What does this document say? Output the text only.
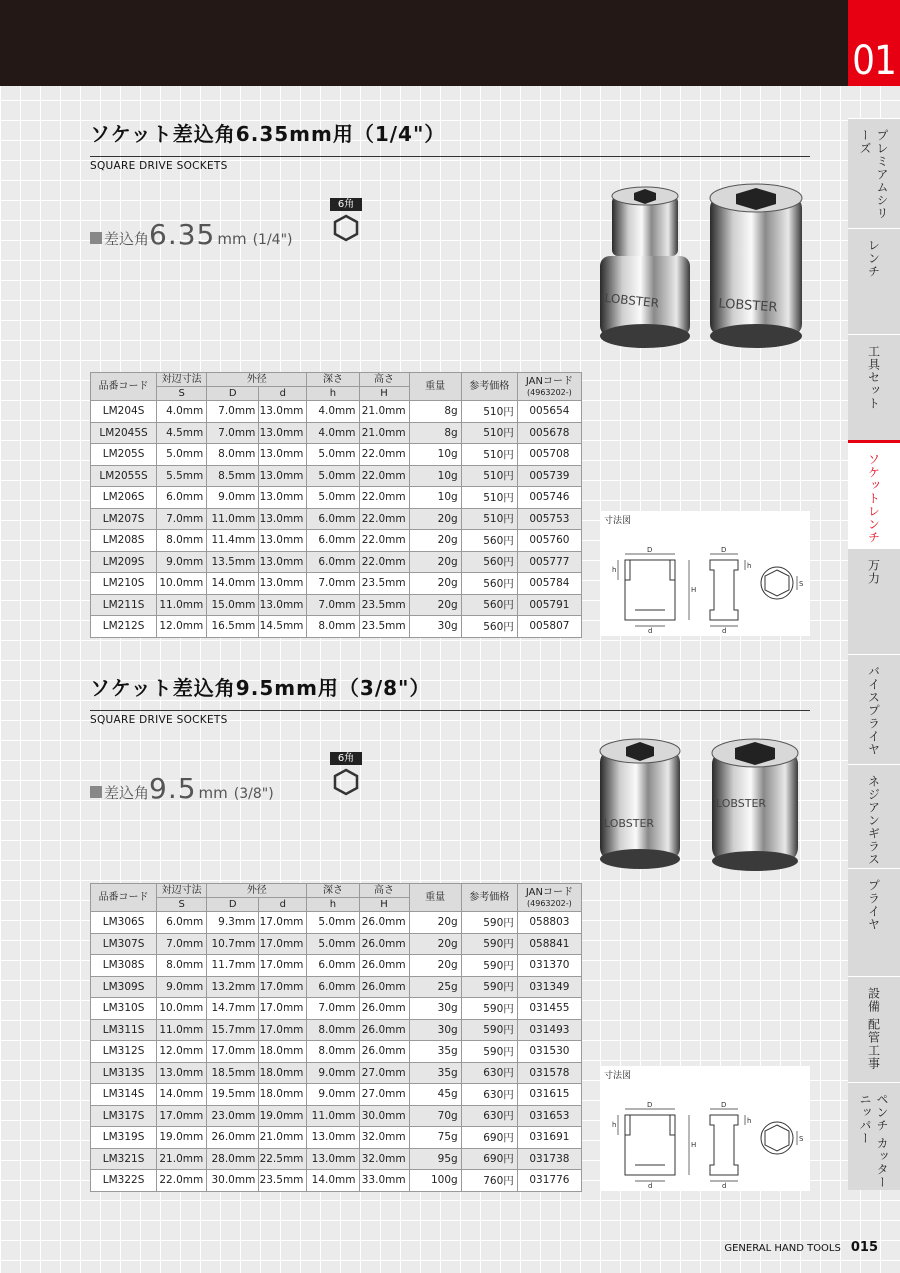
01
プレミアムシリーズ
レンチ
工具セット
ソケットレンチ
万力
バイスプライヤ
ネジアンギラス
プライヤ
設備 配管工事
ペンチ カッター ニッパー
ソケット差込角6.35mm用（1/4"）
SQUARE DRIVE SOCKETS
差込角 6.35 mm (1/4")
6角
品番コード	対辺寸法	外径		深さ	高さ	重量	参考価格	JANコード
(4963202-)

	S	D	d	h	H			
LM204S	4.0mm	7.0mm	13.0mm	4.0mm	21.0mm	8g	510円	005654
LM2045S	4.5mm	7.0mm	13.0mm	4.0mm	21.0mm	8g	510円	005678
LM205S	5.0mm	8.0mm	13.0mm	5.0mm	22.0mm	10g	510円	005708
LM2055S	5.5mm	8.5mm	13.0mm	5.0mm	22.0mm	10g	510円	005739
LM206S	6.0mm	9.0mm	13.0mm	5.0mm	22.0mm	10g	510円	005746
LM207S	7.0mm	11.0mm	13.0mm	6.0mm	22.0mm	20g	510円	005753
LM208S	8.0mm	11.4mm	13.0mm	6.0mm	22.0mm	20g	560円	005760
LM209S	9.0mm	13.5mm	13.0mm	6.0mm	22.0mm	20g	560円	005777
LM210S	10.0mm	14.0mm	13.0mm	7.0mm	23.5mm	20g	560円	005784
LM211S	11.0mm	15.0mm	13.0mm	7.0mm	23.5mm	20g	560円	005791
LM212S	12.0mm	16.5mm	14.5mm	8.0mm	23.5mm	30g	560円	005807
LOBSTER	LOBSTER
寸法図
D
d
H
h
D
d
h
S
ソケット差込角9.5mm用（3/8"）
SQUARE DRIVE SOCKETS
差込角 9.5 mm (3/8")
6角
品番コード	対辺寸法	外径		深さ	高さ	重量	参考価格	JANコード
(4963202-)

	S	D	d	h	H			
LM306S	6.0mm	9.3mm	17.0mm	5.0mm	26.0mm	20g	590円	058803
LM307S	7.0mm	10.7mm	17.0mm	5.0mm	26.0mm	20g	590円	058841
LM308S	8.0mm	11.7mm	17.0mm	6.0mm	26.0mm	20g	590円	031370
LM309S	9.0mm	13.2mm	17.0mm	6.0mm	26.0mm	25g	590円	031349
LM310S	10.0mm	14.7mm	17.0mm	7.0mm	26.0mm	30g	590円	031455
LM311S	11.0mm	15.7mm	17.0mm	8.0mm	26.0mm	30g	590円	031493
LM312S	12.0mm	17.0mm	18.0mm	8.0mm	26.0mm	35g	590円	031530
LM313S	13.0mm	18.5mm	18.0mm	9.0mm	27.0mm	35g	630円	031578
LM314S	14.0mm	19.5mm	18.0mm	9.0mm	27.0mm	45g	630円	031615
LM317S	17.0mm	23.0mm	19.0mm	11.0mm	30.0mm	70g	630円	031653
LM319S	19.0mm	26.0mm	21.0mm	13.0mm	32.0mm	75g	690円	031691
LM321S	21.0mm	28.0mm	22.5mm	13.0mm	32.0mm	95g	690円	031738
LM322S	22.0mm	30.0mm	23.5mm	14.0mm	33.0mm	100g	760円	031776
LOBSTER
LOBSTER
寸法図
D
d
H
h
D
d
h
S
GENERAL HAND TOOLS 015
